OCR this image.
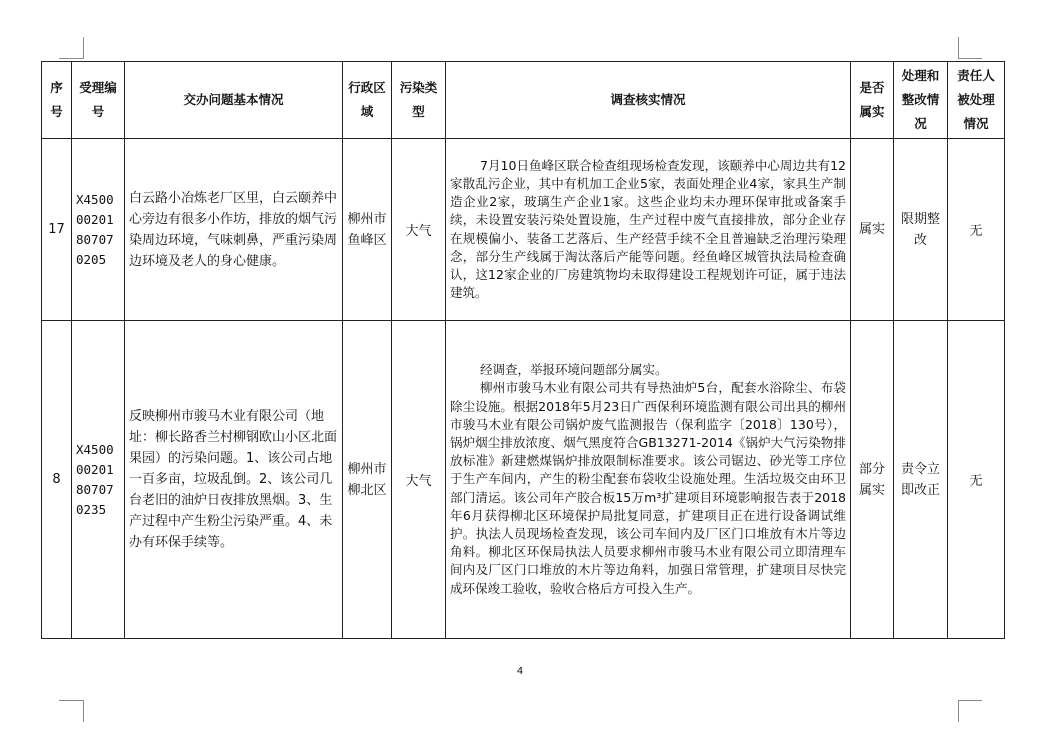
序号	受理编号	交办问题基本情况	行政区域	污染类型	调查核实情况	是否属实	处理和整改情况	责任人被处理情况
17	X45000020180707 0205	白云路小冶炼老厂区里，白云颐养中心旁边有很多小作坊，排放的烟气污染周边环境，气味刺鼻，严重污染周边环境及老人的身心健康。	柳州市鱼峰区	大气	7月10日鱼峰区联合检查组现场检查发现，该颐养中心周边共有12家散乱污企业，其中有机加工企业5家，表面处理企业4家，家具生产制造企业2家，玻璃生产企业1家。这些企业均未办理环保审批或备案手续，未设置安装污染处置设施，生产过程中废气直接排放，部分企业存在规模偏小、装备工艺落后、生产经营手续不全且普遍缺乏治理污染理念，部分生产线属于淘汰落后产能等问题。经鱼峰区城管执法局检查确认，这12家企业的厂房建筑物均未取得建设工程规划许可证，属于违法建筑。	属实	限期整改	无
8	X45000020180707 0235	反映柳州市骏马木业有限公司（地址：柳长路香兰村柳钢欧山小区北面果园）的污染问题。1、该公司占地一百多亩，垃圾乱倒。2、该公司几台老旧的油炉日夜排放黑烟。3、生产过程中产生粉尘污染严重。4、未办有环保手续等。	柳州市柳北区	大气	经调查，举报环境问题部分属实。

柳州市骏马木业有限公司共有导热油炉5台，配套水浴除尘、布袋除尘设施。根据2018年5月23日广西保利环境监测有限公司出具的柳州市骏马木业有限公司锅炉废气监测报告（保利监字〔2018〕130号），锅炉烟尘排放浓度、烟气黑度符合GB13271-2014《锅炉大气污染物排放标准》新建燃煤锅炉排放限制标准要求。该公司锯边、砂光等工序位于生产车间内，产生的粉尘配套布袋收尘设施处理。生活垃圾交由环卫部门清运。该公司年产胶合板15万m³扩建项目环境影响报告表于2018年6月获得柳北区环境保护局批复同意，扩建项目正在进行设备调试维护。执法人员现场检查发现，该公司车间内及厂区门口堆放有木片等边角料。柳北区环保局执法人员要求柳州市骏马木业有限公司立即清理车间内及厂区门口堆放的木片等边角料，加强日常管理，扩建项目尽快完成环保竣工验收，验收合格后方可投入生产。	部分属实	责令立即改正	无
4
